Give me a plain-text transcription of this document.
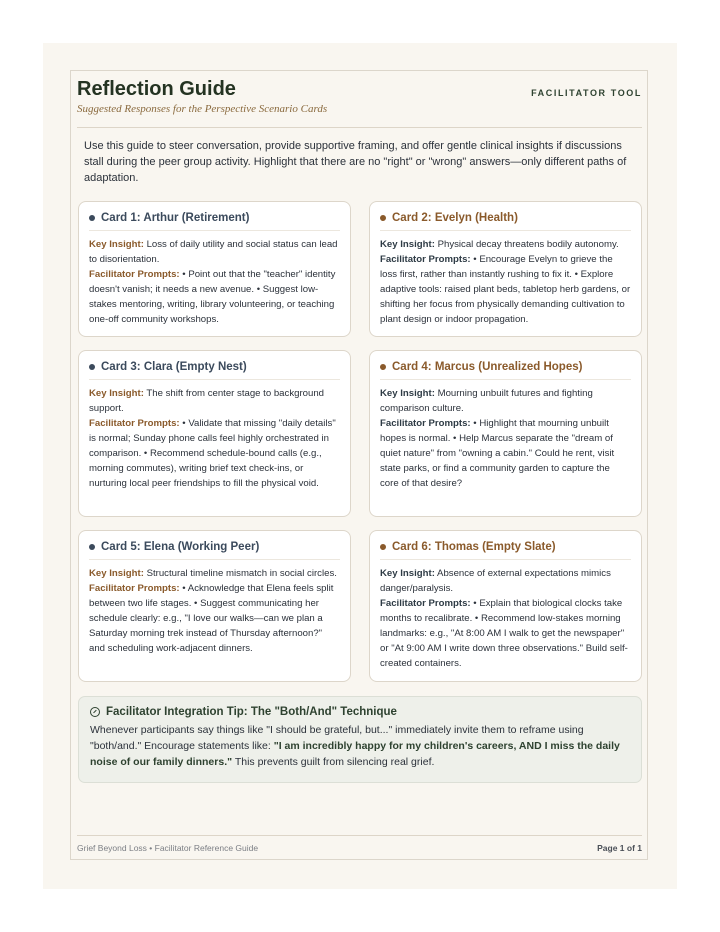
Reflection Guide
Suggested Responses for the Perspective Scenario Cards
FACILITATOR TOOL

Use this guide to steer conversation, provide supportive framing, and offer gentle clinical insights if discussions stall during the peer group activity. Highlight that there are no "right" or "wrong" answers—only different paths of adaptation.

Card 1: Arthur (Retirement)

Key Insight: Loss of daily utility and social status can lead to disorientation.

Facilitator Prompts: • Point out that the "teacher" identity doesn't vanish; it needs a new avenue. • Suggest low-stakes mentoring, writing, library volunteering, or teaching one-off community workshops.

Card 2: Evelyn (Health)

Key Insight: Physical decay threatens bodily autonomy.

Facilitator Prompts: • Encourage Evelyn to grieve the loss first, rather than instantly rushing to fix it. • Explore adaptive tools: raised plant beds, tabletop herb gardens, or shifting her focus from physically demanding cultivation to plant design or indoor propagation.

Card 3: Clara (Empty Nest)

Key Insight: The shift from center stage to background support.

Facilitator Prompts: • Validate that missing "daily details" is normal; Sunday phone calls feel highly orchestrated in comparison. • Recommend schedule-bound calls (e.g., morning commutes), writing brief text check-ins, or nurturing local peer friendships to fill the physical void.

Card 4: Marcus (Unrealized Hopes)

Key Insight: Mourning unbuilt futures and fighting comparison culture.

Facilitator Prompts: • Highlight that mourning unbuilt hopes is normal. • Help Marcus separate the "dream of quiet nature" from "owning a cabin." Could he rent, visit state parks, or find a community garden to capture the core of that desire?

Card 5: Elena (Working Peer)

Key Insight: Structural timeline mismatch in social circles.

Facilitator Prompts: • Acknowledge that Elena feels split between two life stages. • Suggest communicating her schedule clearly: e.g., "I love our walks—can we plan a Saturday morning trek instead of Thursday afternoon?" and scheduling work-adjacent dinners.

Card 6: Thomas (Empty Slate)

Key Insight: Absence of external expectations mimics danger/paralysis.

Facilitator Prompts: • Explain that biological clocks take months to recalibrate. • Recommend low-stakes morning landmarks: e.g., "At 8:00 AM I walk to get the newspaper" or "At 9:00 AM I write down three observations." Build self-created containers.

Facilitator Integration Tip: The "Both/And" Technique

Whenever participants say things like "I should be grateful, but..." immediately invite them to reframe using "both/and." Encourage statements like: "I am incredibly happy for my children's careers, AND I miss the daily noise of our family dinners." This prevents guilt from silencing real grief.

Grief Beyond Loss • Facilitator Reference Guide	Page 1 of 1
